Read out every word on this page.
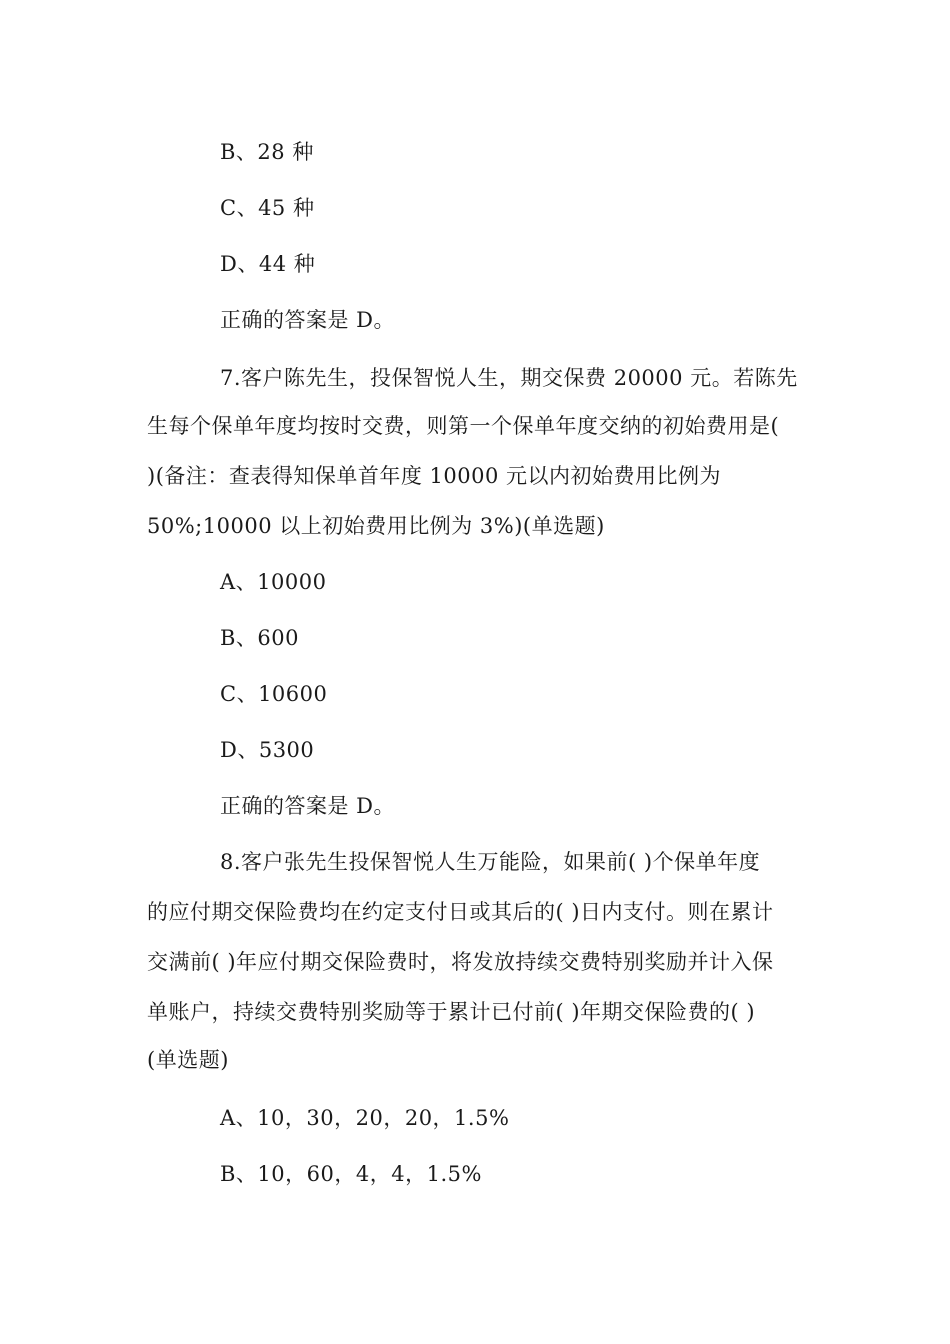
B、28 种
C、45 种
D、44 种
正确的答案是 D。
7.客户陈先生，投保智悦人生，期交保费 20000 元。若陈先
生每个保单年度均按时交费，则第一个保单年度交纳的初始费用是(
)(备注：查表得知保单首年度 10000 元以内初始费用比例为
50%;10000 以上初始费用比例为 3%)(单选题)
A、10000
B、600
C、10600
D、5300
正确的答案是 D。
8.客户张先生投保智悦人生万能险，如果前( )个保单年度
的应付期交保险费均在约定支付日或其后的( )日内支付。则在累计
交满前( )年应付期交保险费时，将发放持续交费特别奖励并计入保
单账户，持续交费特别奖励等于累计已付前( )年期交保险费的( )
(单选题)
A、10，30，20，20，1.5%
B、10，60，4，4，1.5%
